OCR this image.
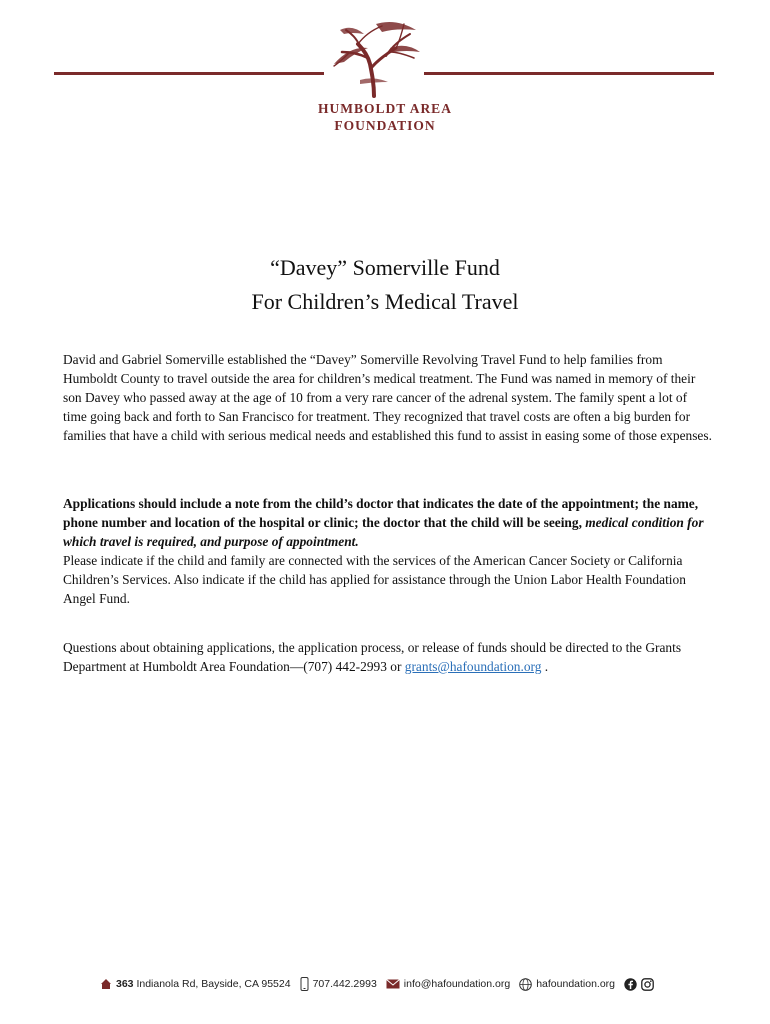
HUMBOLDT AREA
FOUNDATION
“Davey” Somerville Fund
For Children’s Medical Travel
David and Gabriel Somerville established the “Davey” Somerville Revolving Travel Fund to help families from Humboldt County to travel outside the area for children’s medical treatment. The Fund was named in memory of their son Davey who passed away at the age of 10 from a very rare cancer of the adrenal system. The family spent a lot of time going back and forth to San Francisco for treatment. They recognized that travel costs are often a big burden for families that have a child with serious medical needs and established this fund to assist in easing some of those expenses.
Applications should include a note from the child’s doctor that indicates the date of the appointment; the name, phone number and location of the hospital or clinic; the doctor that the child will be seeing, medical condition for which travel is required, and purpose of appointment.
Please indicate if the child and family are connected with the services of the American Cancer Society or California Children’s Services. Also indicate if the child has applied for assistance through the Union Labor Health Foundation Angel Fund.
Questions about obtaining applications, the application process, or release of funds should be directed to the Grants Department at Humboldt Area Foundation—(707) 442-2993 or grants@hafoundation.org .
363
Indianola Rd, Bayside, CA 95524 707.442.2993	info@hafoundation.org hafoundation.org
